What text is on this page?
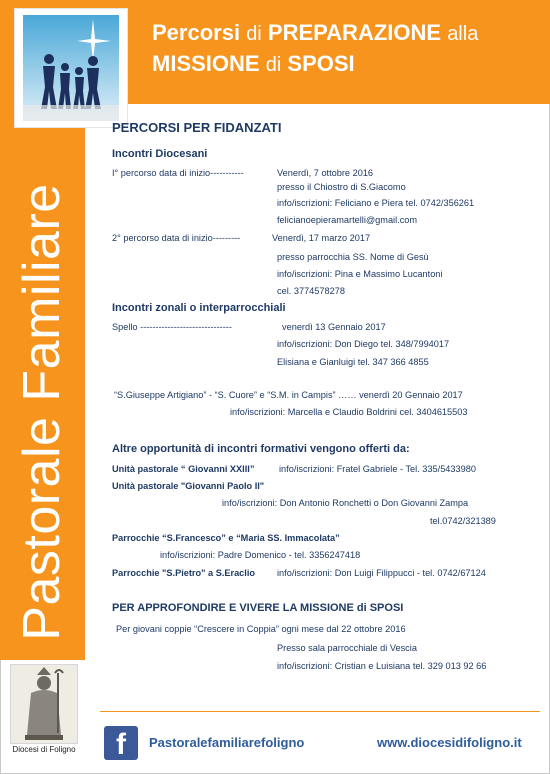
Percorsi di PREPARAZIONE alla
MISSIONE di SPOSI
Pastorale Familiare
Diocesi di Foligno
PERCORSI PER FIDANZATI
Incontri Diocesani
I° percorso data di inizio-----------	Venerdì, 7 ottobre 2016
presso il Chiostro di S.Giacomo
info/iscrizioni: Feliciano e Piera tel. 0742/356261
felicianoepieramartelli@gmail.com
2° percorso data di inizio---------	Venerdì, 17 marzo 2017
presso parrocchia SS. Nome di Gesù
info/iscrizioni: Pina e Massimo Lucantoni
cel. 3774578278
Incontri zonali o interparrocchiali
Spello ------------------------------	venerdì 13 Gennaio 2017
info/iscrizioni: Don Diego tel. 348/7994017
Elisiana e Gianluigi tel. 347 366 4855
“S.Giuseppe Artigiano” - “S. Cuore” e “S.M. in Campis” …… venerdì 20 Gennaio 2017
info/iscrizioni: Marcella e Claudio Boldrini cel. 3404615503
Altre opportunità di incontri formativi vengono offerti da:
Unità pastorale “ Giovanni XXIII”	info/iscrizioni: Fratel Gabriele - Tel. 335/5433980
Unità pastorale "Giovanni Paolo II"
info/iscrizioni: Don Antonio Ronchetti o Don Giovanni Zampa
tel.0742/321389
Parrocchie “S.Francesco” e “Maria SS. Immacolata”
info/iscrizioni: Padre Domenico - tel. 3356247418
Parrocchie "S.Pietro" a S.Eraclio info/iscrizioni: Don Luigi Filippucci - tel. 0742/67124
PER APPROFONDIRE E VIVERE LA MISSIONE di SPOSI
Per giovani coppie “Crescere in Coppia” ogni mese dal 22 ottobre 2016
Presso sala parrocchiale di Vescia
info/iscrizioni: Cristian e Luisiana tel. 329 013 92 66
f	Pastoralefamiliarefoligno	www.diocesidifoligno.it
